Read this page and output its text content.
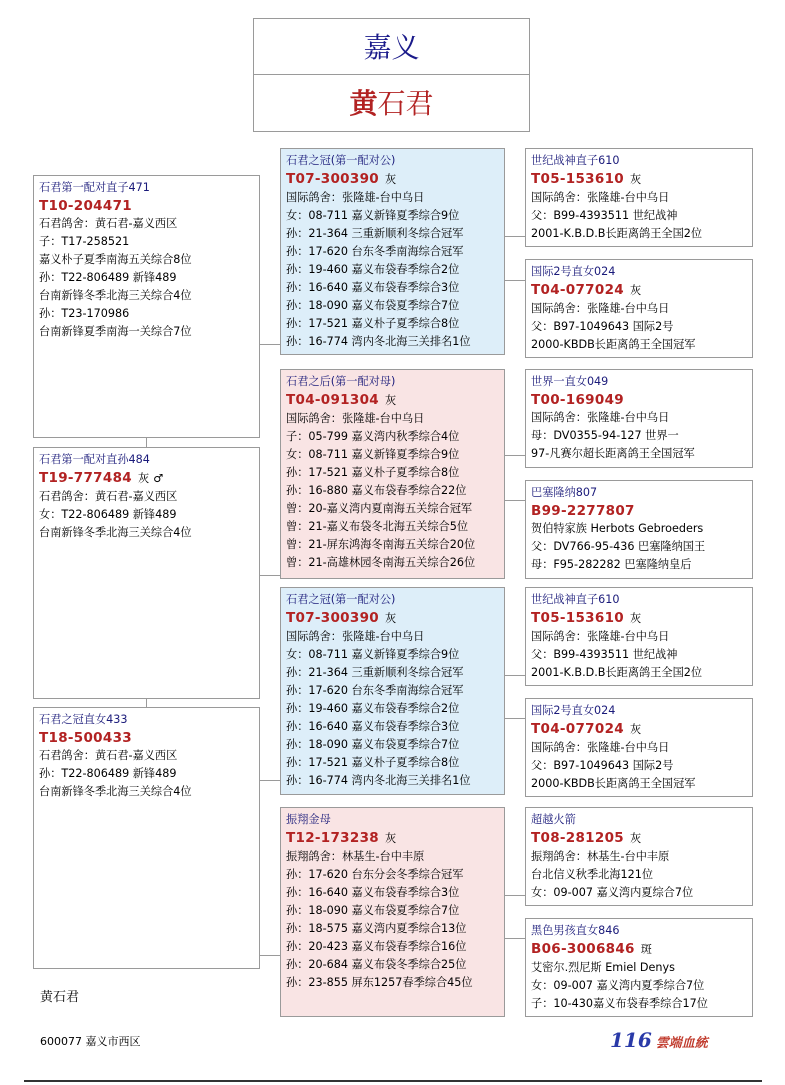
嘉义
黄石君
石君第一配对直子471
T10-204471
石君鸽舍：黄石君-嘉义西区
子：T17-258521
嘉义朴子夏季南海五关综合8位
孙：T22-806489 新锋489
台南新锋冬季北海三关综合4位
孙：T23-170986
台南新锋夏季南海一关综合7位
石君第一配对直孙484
T19-777484 灰 ♂
石君鸽舍：黄石君-嘉义西区
女：T22-806489 新锋489
台南新锋冬季北海三关综合4位
石君之冠直女433
T18-500433
石君鸽舍：黄石君-嘉义西区
孙：T22-806489 新锋489
台南新锋冬季北海三关综合4位
石君之冠(第一配对公)
T07-300390 灰
国际鸽舍：张隆雄-台中乌日
女：08-711 嘉义新锋夏季综合9位
孙：21-364 三重新顺利冬综合冠军
孙：17-620 台东冬季南海综合冠军
孙：19-460 嘉义布袋春季综合2位
孙：16-640 嘉义布袋春季综合3位
孙：18-090 嘉义布袋夏季综合7位
孙：17-521 嘉义朴子夏季综合8位
孙：16-774 湾内冬北海三关排名1位
石君之后(第一配对母)
T04-091304 灰
国际鸽舍：张隆雄-台中乌日
子：05-799 嘉义湾内秋季综合4位
女：08-711 嘉义新锋夏季综合9位
孙：17-521 嘉义朴子夏季综合8位
孙：16-880 嘉义布袋春季综合22位
曾：20-嘉义湾内夏南海五关综合冠军
曾：21-嘉义布袋冬北海五关综合5位
曾：21-屏东鸿海冬南海五关综合20位
曾：21-高雄林园冬南海五关综合26位
石君之冠(第一配对公)
T07-300390 灰
国际鸽舍：张隆雄-台中乌日
女：08-711 嘉义新锋夏季综合9位
孙：21-364 三重新顺利冬综合冠军
孙：17-620 台东冬季南海综合冠军
孙：19-460 嘉义布袋春季综合2位
孙：16-640 嘉义布袋春季综合3位
孙：18-090 嘉义布袋夏季综合7位
孙：17-521 嘉义朴子夏季综合8位
孙：16-774 湾内冬北海三关排名1位
振翔金母
T12-173238 灰
振翔鸽舍：林基生-台中丰原
孙：17-620 台东分会冬季综合冠军
孙：16-640 嘉义布袋春季综合3位
孙：18-090 嘉义布袋夏季综合7位
孙：18-575 嘉义湾内夏季综合13位
孙：20-423 嘉义布袋春季综合16位
孙：20-684 嘉义布袋冬季综合25位
孙：23-855 屏东1257春季综合45位
世纪战神直子610
T05-153610 灰
国际鸽舍：张隆雄-台中乌日
父：B99-4393511 世纪战神
2001-K.B.D.B长距离鸽王全国2位
国际2号直女024
T04-077024 灰
国际鸽舍：张隆雄-台中乌日
父：B97-1049643 国际2号
2000-KBDB长距离鸽王全国冠军
世界一直女049
T00-169049
国际鸽舍：张隆雄-台中乌日
母：DV0355-94-127 世界一
97-凡赛尔超长距离鸽王全国冠军
巴塞隆纳807
B99-2277807
贺伯特家族 Herbots Gebroeders
父：DV766-95-436 巴塞隆纳国王
母：F95-282282 巴塞隆纳皇后
世纪战神直子610
T05-153610 灰
国际鸽舍：张隆雄-台中乌日
父：B99-4393511 世纪战神
2001-K.B.D.B长距离鸽王全国2位
国际2号直女024
T04-077024 灰
国际鸽舍：张隆雄-台中乌日
父：B97-1049643 国际2号
2000-KBDB长距离鸽王全国冠军
超越火箭
T08-281205 灰
振翔鸽舍：林基生-台中丰原
台北信义秋季北海121位
女：09-007 嘉义湾内夏综合7位
黑色男孩直女846
B06-3006846 斑
艾密尔.烈尼斯 Emiel Denys
女：09-007 嘉义湾内夏季综合7位
子：10-430嘉义布袋春季综合17位
黄石君
600077 嘉义市西区	116 雲端血統
